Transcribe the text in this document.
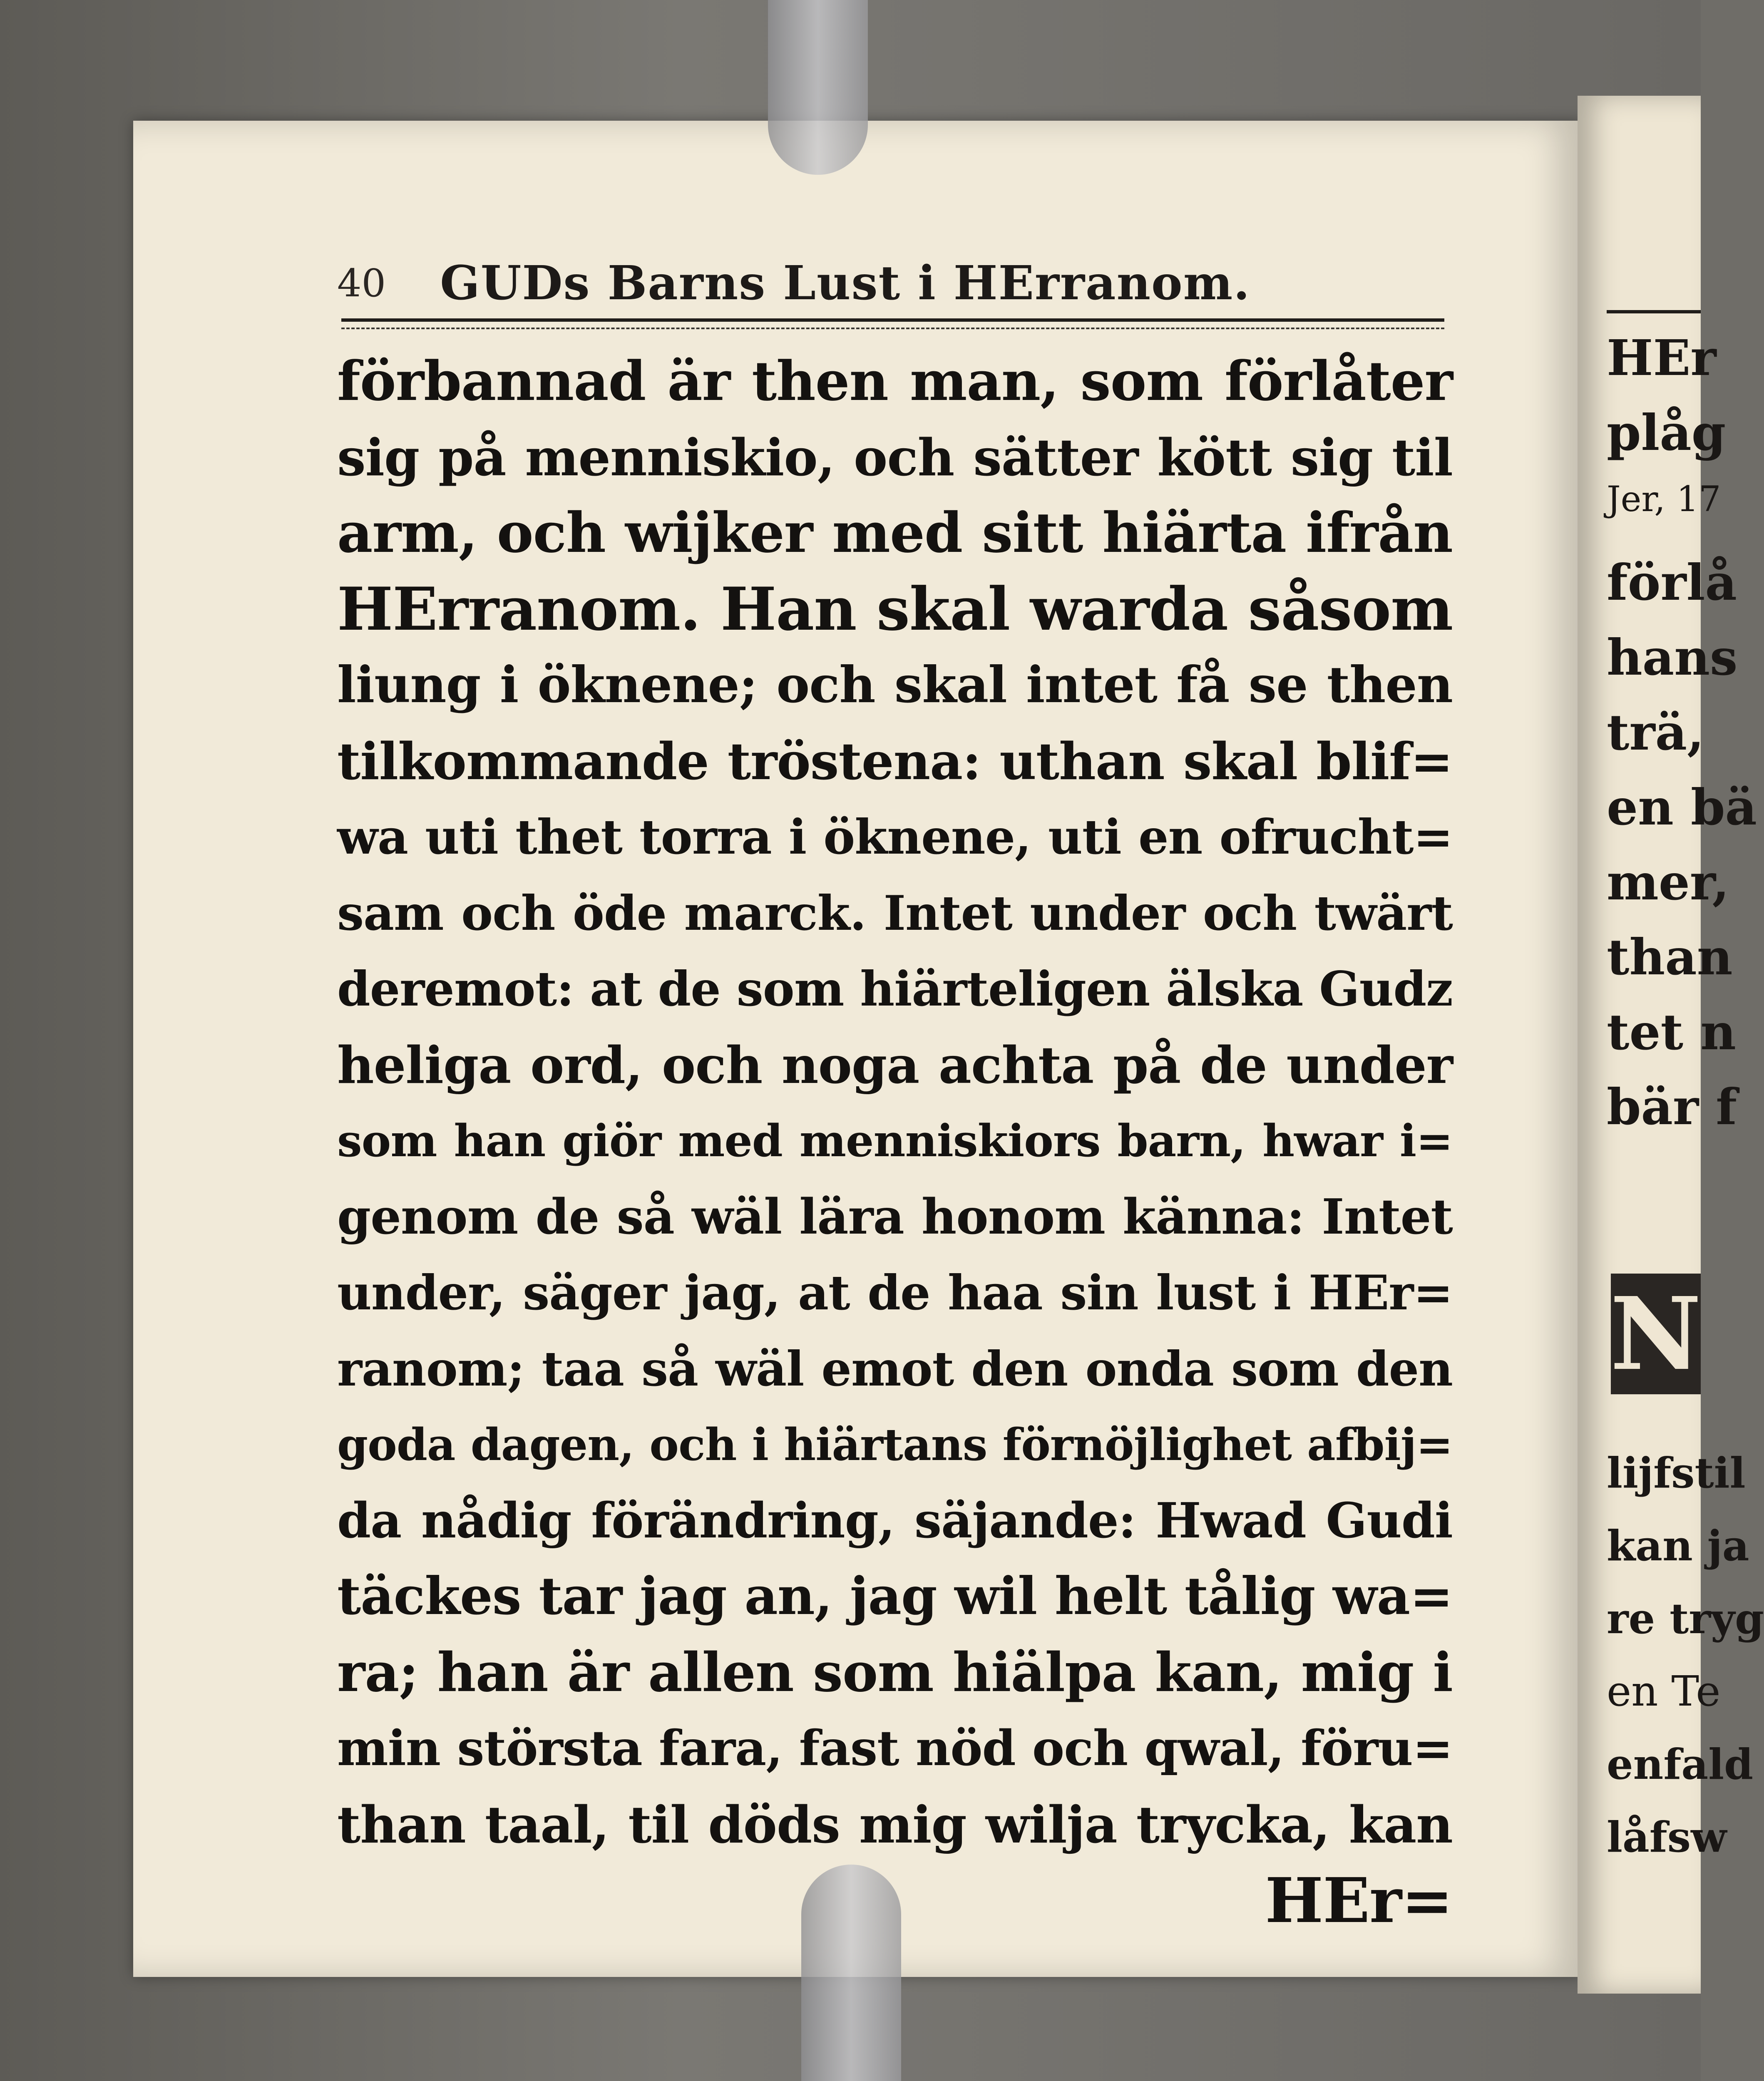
40 GUDs Barns Lust i HErranom.
förbannad är then man, som förlåter
sig på menniskio, och sätter kött sig til
arm, och wijker med sitt hiärta ifrån
HErranom. Han skal warda såsom
liung i öknene; och skal intet få se then
tilkommande tröstena: uthan skal blif=
wa uti thet torra i öknene, uti en ofrucht=
sam och öde marck. Intet under och twärt
deremot: at de som hiärteligen älska Gudz
heliga ord, och noga achta på de under
som han giör med menniskiors barn, hwar i=
genom de så wäl lära honom känna: Intet
under, säger jag, at de haa sin lust i HEr=
ranom; taa så wäl emot den onda som den
goda dagen, och i hiärtans förnöjlighet afbij=
da nådig förändring, säjande: Hwad Gudi
täckes tar jag an, jag wil helt tålig wa=
ra; han är allen som hiälpa kan, mig i
min största fara, fast nöd och qwal, föru=
than taal, til döds mig wilja trycka, kan
HEr=
HEr
plåg
Jer, 17
förlå
hans
trä,
en bä
mer,
than
tet n
bär f
N
lijfstil
kan ja
re tryg
en Te
enfald
låfsw
